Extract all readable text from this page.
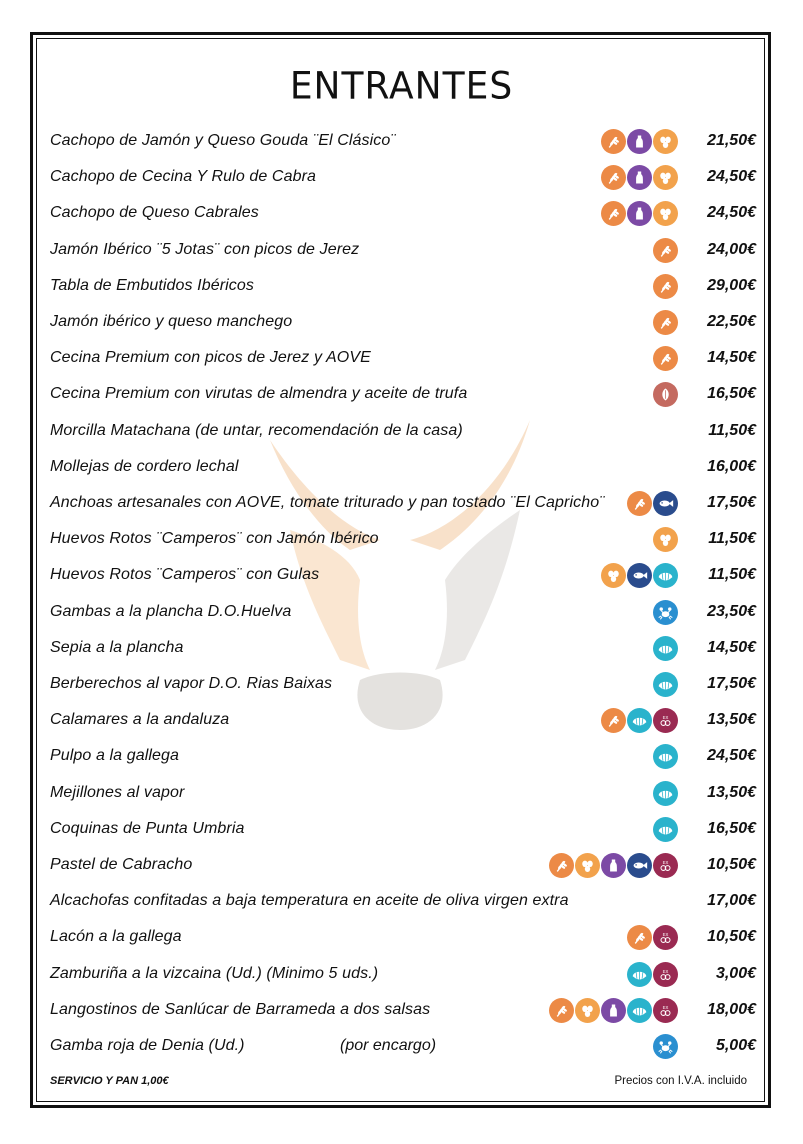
ENTRANTES
Cachopo de Jamón y Queso Gouda ¨El Clásico¨	21,50€
Cachopo de Cecina Y Rulo de Cabra	24,50€
Cachopo de Queso Cabrales	24,50€
Jamón Ibérico ¨5 Jotas¨ con picos de Jerez	24,00€
Tabla de Embutidos Ibéricos	29,00€
Jamón ibérico y queso manchego	22,50€
Cecina Premium con picos de Jerez y AOVE	14,50€
Cecina Premium con virutas de almendra y aceite de trufa	16,50€
Morcilla Matachana (de untar, recomendación de la casa)	11,50€
Mollejas de cordero lechal	16,00€
Anchoas artesanales con AOVE, tomate triturado y pan tostado ¨El Capricho¨	17,50€
Huevos Rotos ¨Camperos¨ con Jamón Ibérico	11,50€
Huevos Rotos ¨Camperos¨ con Gulas	11,50€
Gambas a la plancha D.O.Huelva	23,50€
Sepia a la plancha	14,50€
Berberechos al vapor D.O. Rias Baixas	17,50€
Calamares a la andaluza	EX	13,50€
Pulpo a la gallega	24,50€
Mejillones al vapor	13,50€
Coquinas de Punta Umbria	16,50€
Pastel de Cabracho	EX	10,50€
Alcachofas confitadas a baja temperatura en aceite de oliva virgen extra	17,00€
Lacón a la gallega	EX	10,50€
Zamburiña a la vizcaina (Ud.) (Minimo 5 uds.)	EX	3,00€
Langostinos de Sanlúcar de Barrameda a dos salsas	EX	18,00€
Gamba roja de Denia (Ud.)	(por encargo)	5,00€
SERVICIO Y PAN 1,00€	Precios con I.V.A. incluido
